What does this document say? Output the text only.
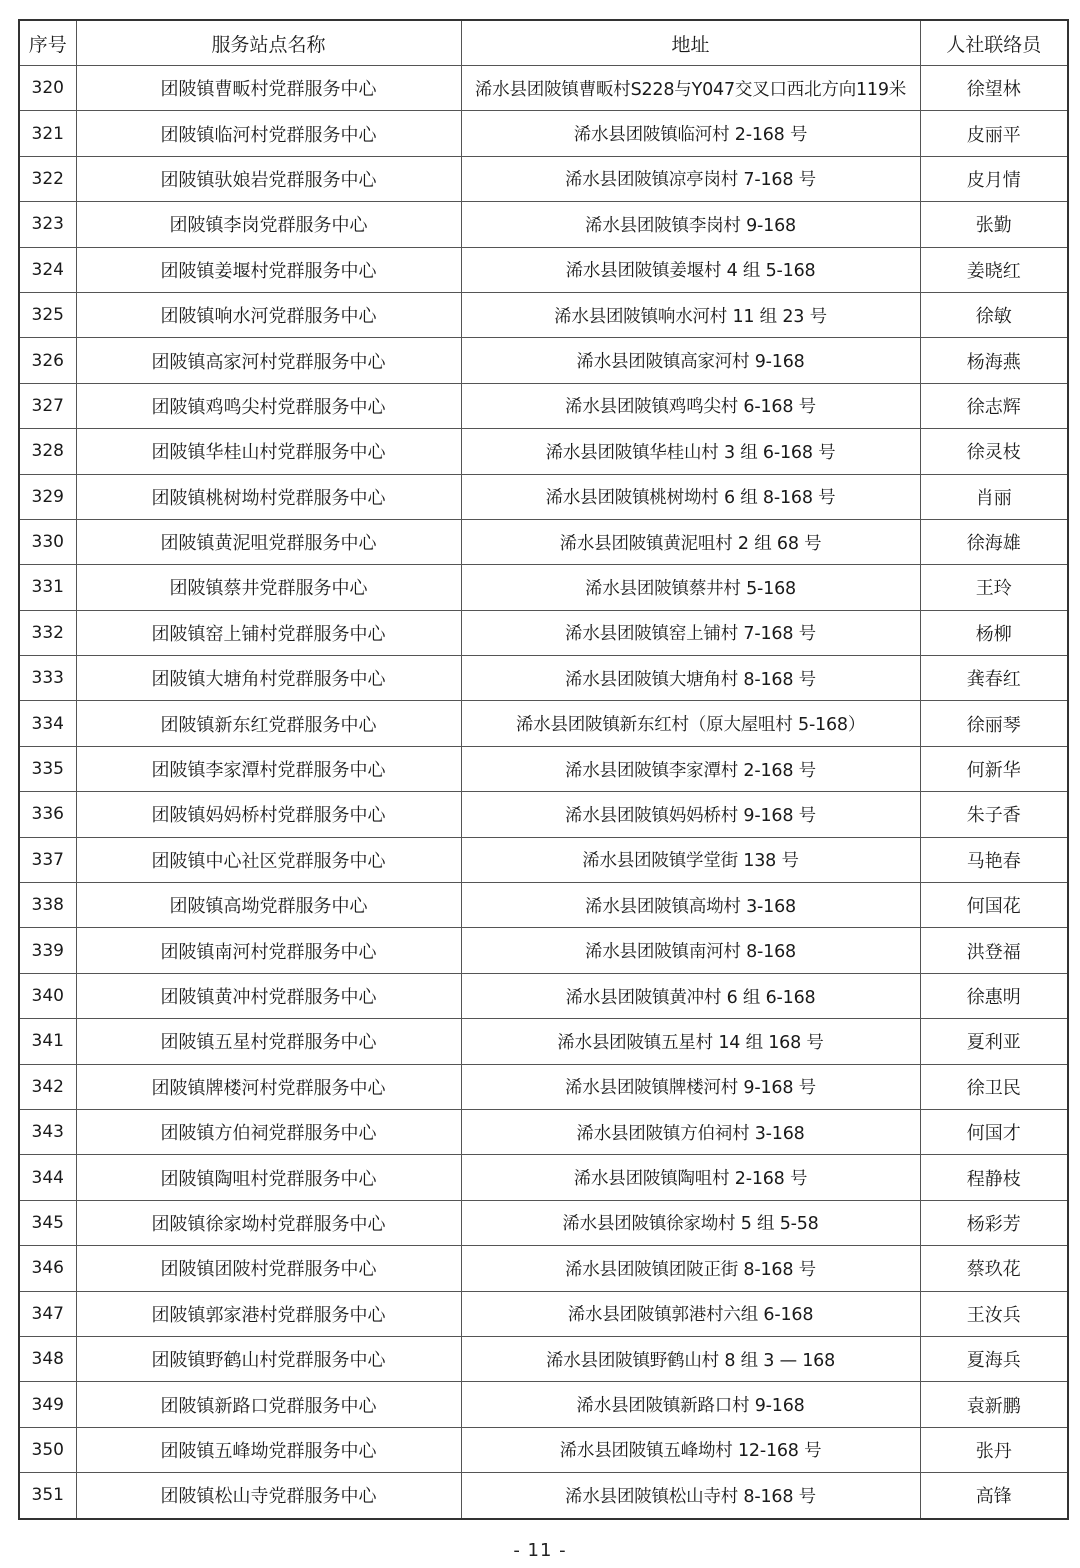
序号	服务站点名称	地址	人社联络员
320	团陂镇曹畈村党群服务中心	浠水县团陂镇曹畈村S228与Y047交叉口西北方向119米	徐望林
321	团陂镇临河村党群服务中心	浠水县团陂镇临河村 2-168 号	皮丽平
322	团陂镇驮娘岩党群服务中心	浠水县团陂镇凉亭岗村 7-168 号	皮月情
323	团陂镇李岗党群服务中心	浠水县团陂镇李岗村 9-168	张勤
324	团陂镇姜堰村党群服务中心	浠水县团陂镇姜堰村 4 组 5-168	姜晓红
325	团陂镇响水河党群服务中心	浠水县团陂镇响水河村 11 组 23 号	徐敏
326	团陂镇高家河村党群服务中心	浠水县团陂镇高家河村 9-168	杨海燕
327	团陂镇鸡鸣尖村党群服务中心	浠水县团陂镇鸡鸣尖村 6-168 号	徐志辉
328	团陂镇华桂山村党群服务中心	浠水县团陂镇华桂山村 3 组 6-168 号	徐灵枝
329	团陂镇桃树坳村党群服务中心	浠水县团陂镇桃树坳村 6 组 8-168 号	肖丽
330	团陂镇黄泥咀党群服务中心	浠水县团陂镇黄泥咀村 2 组 68 号	徐海雄
331	团陂镇蔡井党群服务中心	浠水县团陂镇蔡井村 5-168	王玲
332	团陂镇窑上铺村党群服务中心	浠水县团陂镇窑上铺村 7-168 号	杨柳
333	团陂镇大塘角村党群服务中心	浠水县团陂镇大塘角村 8-168 号	龚春红
334	团陂镇新东红党群服务中心	浠水县团陂镇新东红村（原大屋咀村 5-168）	徐丽琴
335	团陂镇李家潭村党群服务中心	浠水县团陂镇李家潭村 2-168 号	何新华
336	团陂镇妈妈桥村党群服务中心	浠水县团陂镇妈妈桥村 9-168 号	朱子香
337	团陂镇中心社区党群服务中心	浠水县团陂镇学堂街 138 号	马艳春
338	团陂镇高坳党群服务中心	浠水县团陂镇高坳村 3-168	何国花
339	团陂镇南河村党群服务中心	浠水县团陂镇南河村 8-168	洪登福
340	团陂镇黄冲村党群服务中心	浠水县团陂镇黄冲村 6 组 6-168	徐惠明
341	团陂镇五星村党群服务中心	浠水县团陂镇五星村 14 组 168 号	夏利亚
342	团陂镇牌楼河村党群服务中心	浠水县团陂镇牌楼河村 9-168 号	徐卫民
343	团陂镇方伯祠党群服务中心	浠水县团陂镇方伯祠村 3-168	何国才
344	团陂镇陶咀村党群服务中心	浠水县团陂镇陶咀村 2-168 号	程静枝
345	团陂镇徐家坳村党群服务中心	浠水县团陂镇徐家坳村 5 组 5-58	杨彩芳
346	团陂镇团陂村党群服务中心	浠水县团陂镇团陂正街 8-168 号	蔡玖花
347	团陂镇郭家港村党群服务中心	浠水县团陂镇郭港村六组 6-168	王汝兵
348	团陂镇野鹤山村党群服务中心	浠水县团陂镇野鹤山村 8 组 3 — 168	夏海兵
349	团陂镇新路口党群服务中心	浠水县团陂镇新路口村 9-168	袁新鹏
350	团陂镇五峰坳党群服务中心	浠水县团陂镇五峰坳村 12-168 号	张丹
351	团陂镇松山寺党群服务中心	浠水县团陂镇松山寺村 8-168 号	高锋
- 11 -
